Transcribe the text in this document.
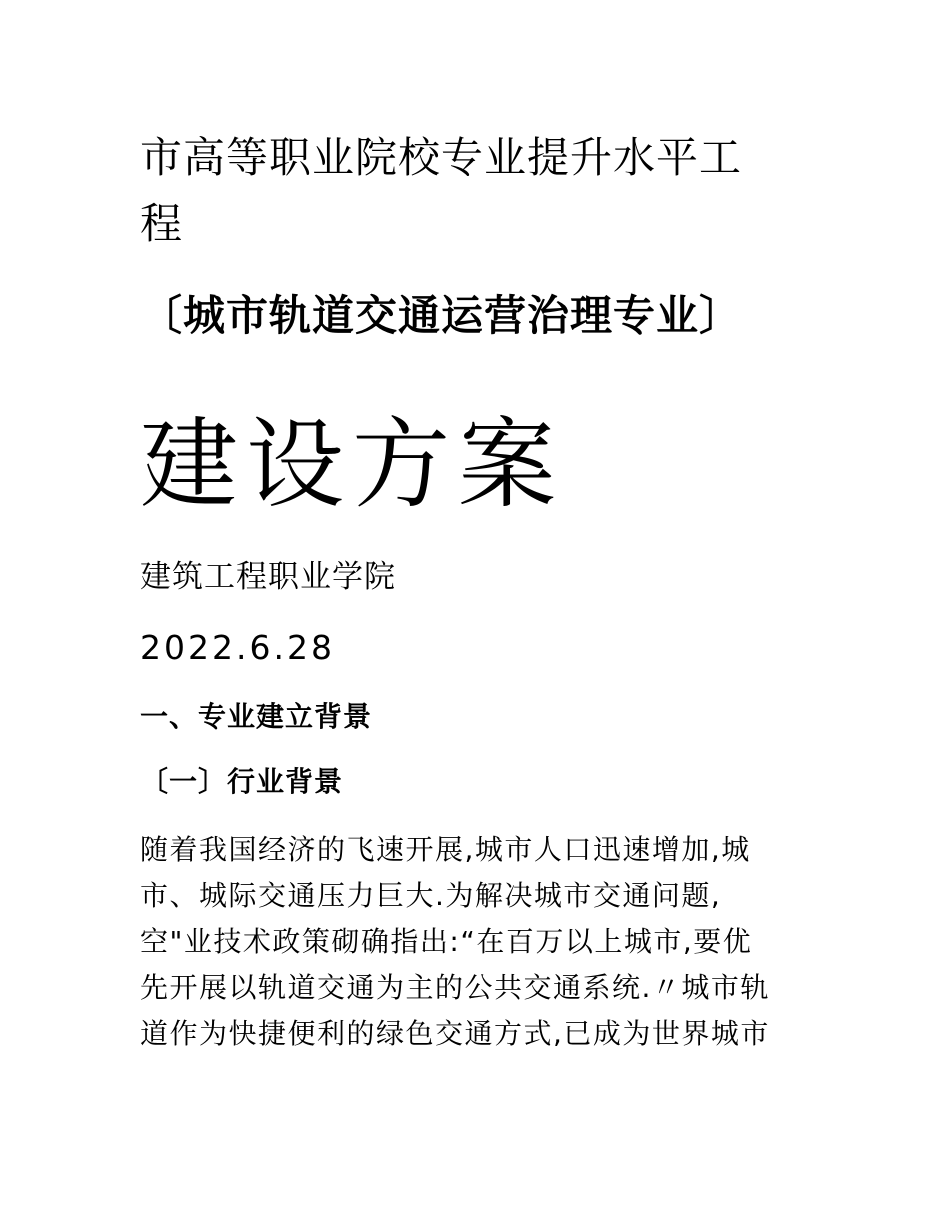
市高等职业院校专业提升水平工
程
〔城市轨道交通运营治理专业〕
建设方案

建筑工程职业学院

2022.6.28

一、专业建立背景
〔一〕行业背景

随着我国经济的飞速开展,城市人口迅速增加,城

市、城际交通压力巨大.为解决城市交通问题,

空"业技术政策砌确指出:“在百万以上城市,要优

先开展以轨道交通为主的公共交通系统.〃城市轨

道作为快捷便利的绿色交通方式,已成为世界城市
